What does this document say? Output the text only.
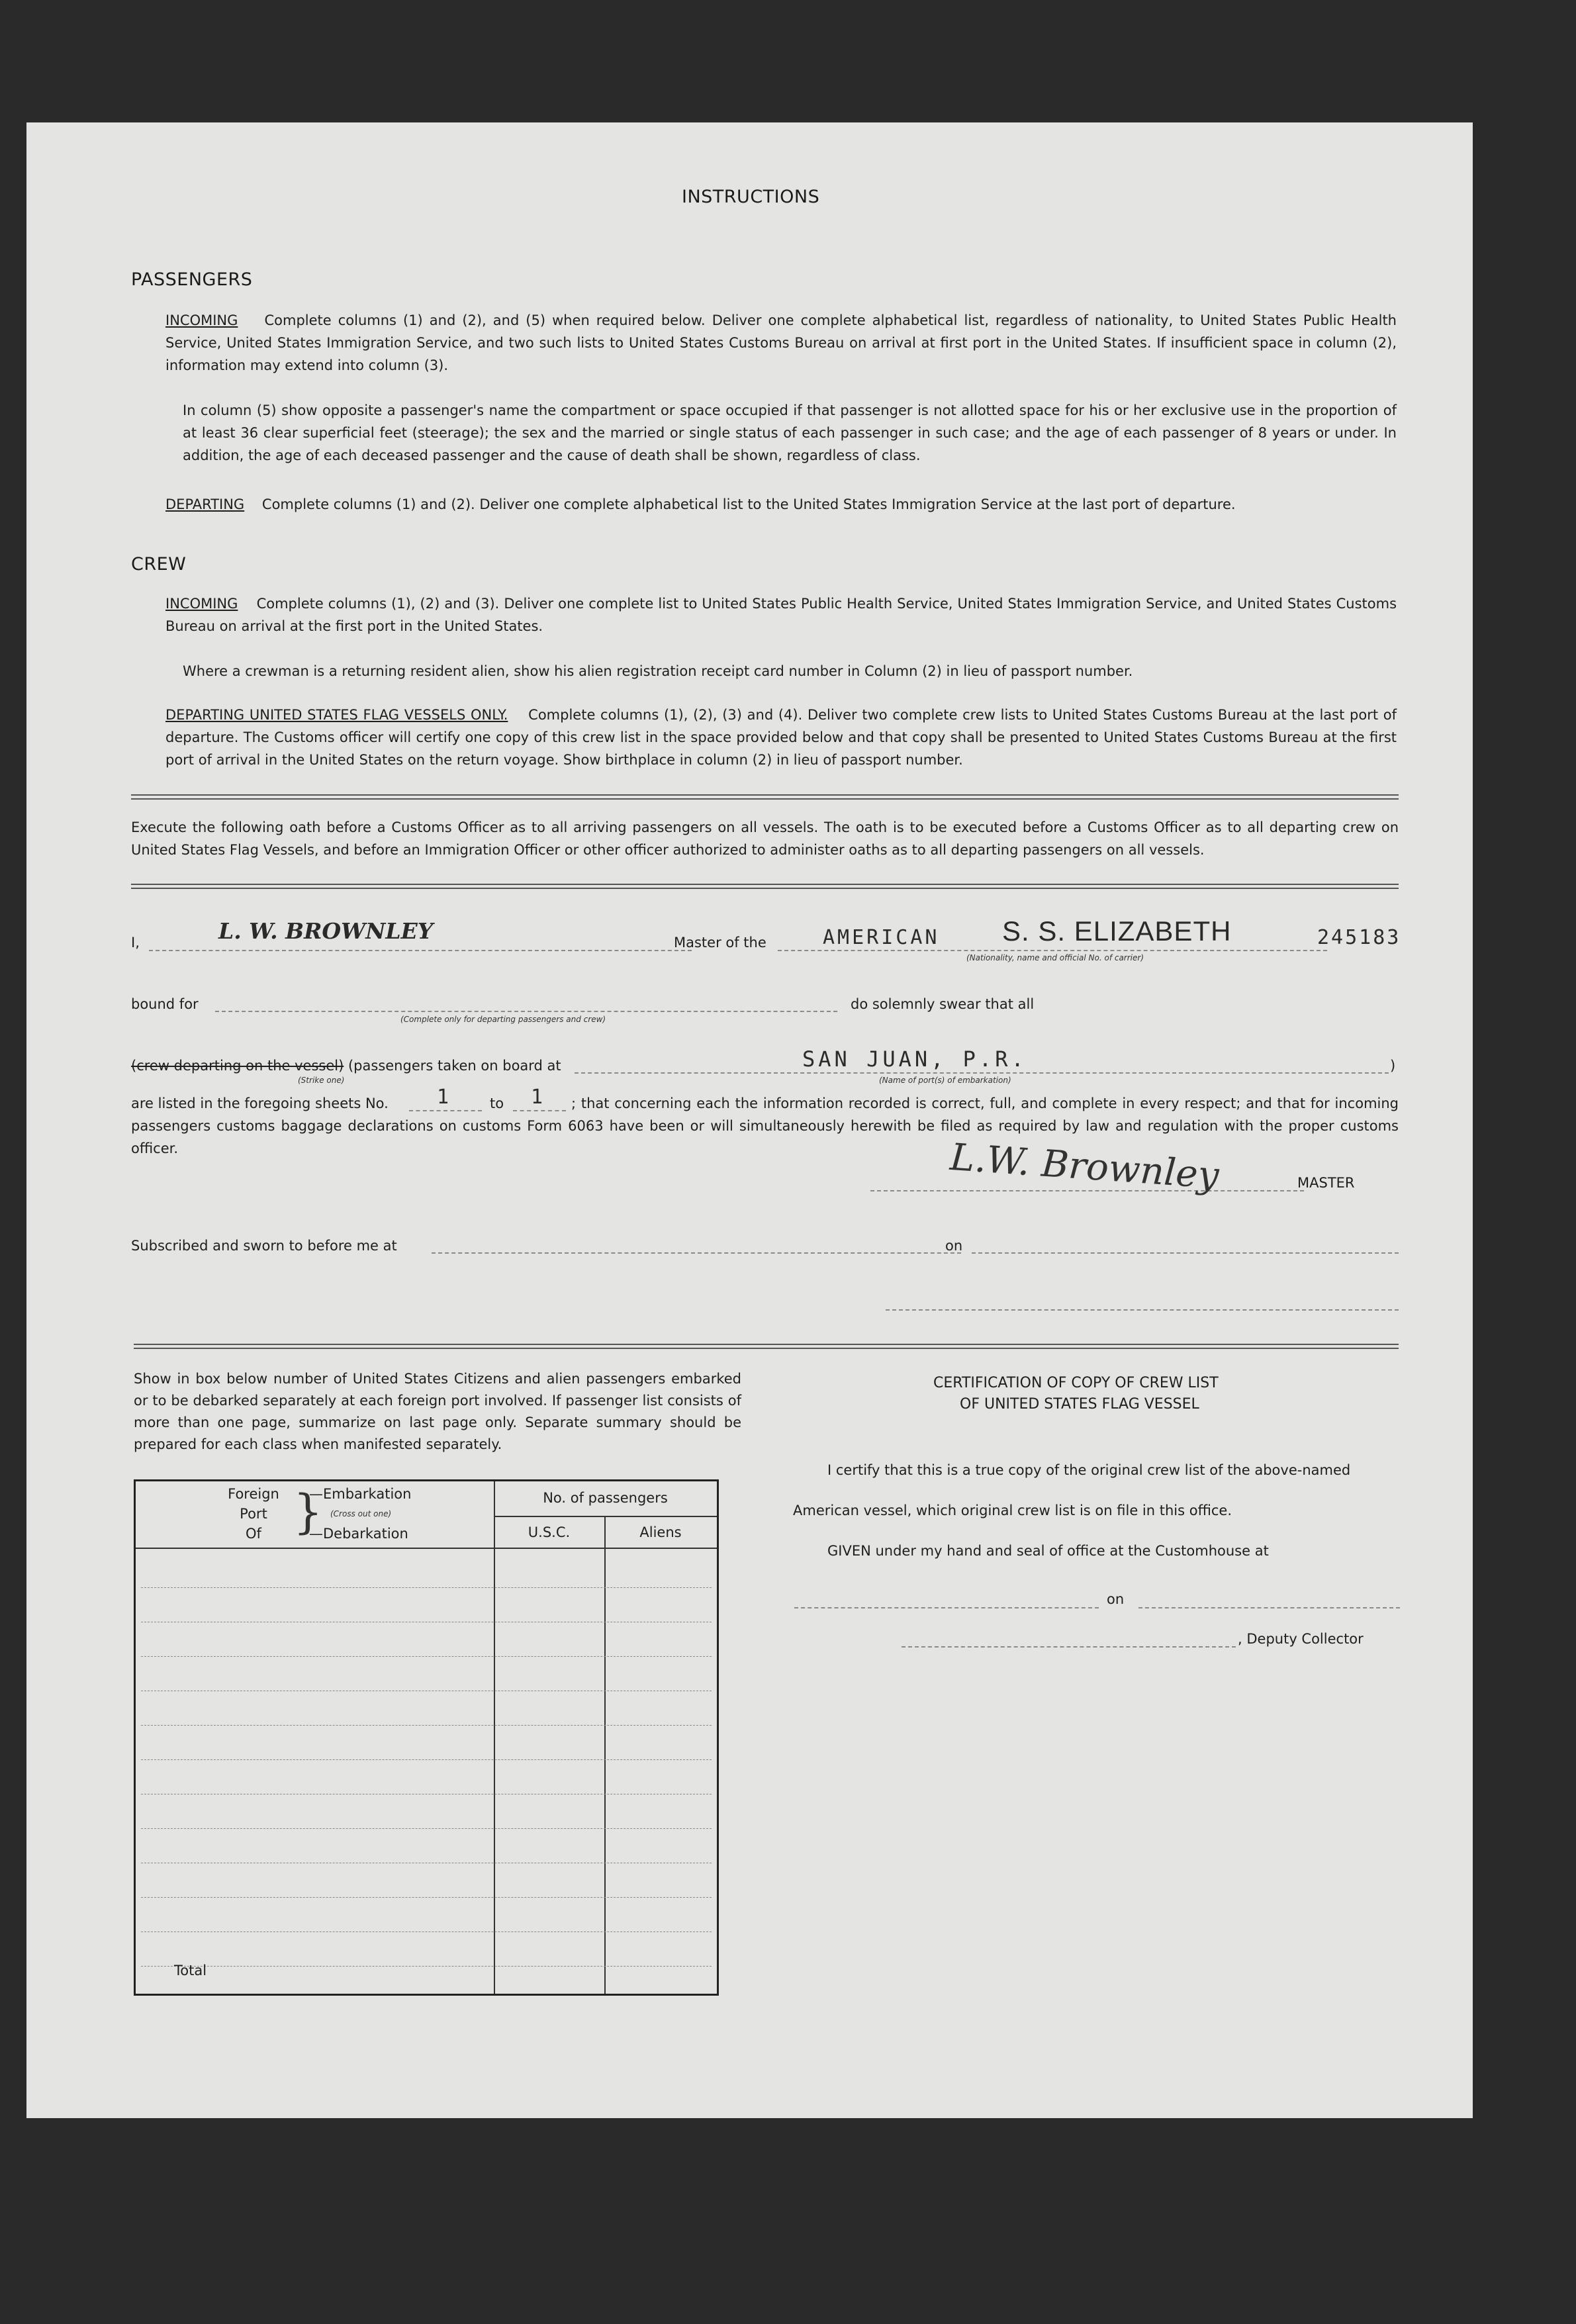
INSTRUCTIONS
PASSENGERS
INCOMING Complete columns (1) and (2), and (5) when required below. Deliver one complete alphabetical list, regardless of nationality, to United States Public Health Service, United States Immigration Service, and two such lists to United States Customs Bureau on arrival at first port in the United States. If insufficient space in column (2), information may extend into column (3).
In column (5) show opposite a passenger's name the compartment or space occupied if that passenger is not allotted space for his or her exclusive use in the proportion of at least 36 clear superficial feet (steerage); the sex and the married or single status of each passenger in such case; and the age of each passenger of 8 years or under. In addition, the age of each deceased passenger and the cause of death shall be shown, regardless of class.
DEPARTING Complete columns (1) and (2). Deliver one complete alphabetical list to the United States Immigration Service at the last port of departure.
CREW
INCOMING Complete columns (1), (2) and (3). Deliver one complete list to United States Public Health Service, United States Immigration Service, and United States Customs Bureau on arrival at the first port in the United States.
Where a crewman is a returning resident alien, show his alien registration receipt card number in Column (2) in lieu of passport number.
DEPARTING UNITED STATES FLAG VESSELS ONLY. Complete columns (1), (2), (3) and (4). Deliver two complete crew lists to United States Customs Bureau at the last port of departure. The Customs officer will certify one copy of this crew list in the space provided below and that copy shall be presented to United States Customs Bureau at the first port of arrival in the United States on the return voyage. Show birthplace in column (2) in lieu of passport number.
Execute the following oath before a Customs Officer as to all arriving passengers on all vessels. The oath is to be executed before a Customs Officer as to all departing crew on United States Flag Vessels, and before an Immigration Officer or other officer authorized to administer oaths as to all departing passengers on all vessels.
I,	L. W. BROWNLEY	Master of the	AMERICAN S. S. ELIZABETH	245183
(Nationality, name and official No. of carrier)
bound for
(Complete only for departing passengers and crew)
do solemnly swear that all
(crew departing on the vessel) (passengers taken on board at	SAN JUAN, P.R.	)
(Strike one)	(Name of port(s) of embarkation)
are listed in the foregoing sheets No. 1	to 1	; that concerning each the information recorded is correct, full, and complete in every respect; and that for incoming passengers customs baggage declarations on customs Form 6063 have been or will simultaneously herewith be filed as required by law and regulation with the proper customs officer.	L.W. Brownley	MASTER
Subscribed and sworn to before me at	on
Show in box below number of United States Citizens and alien passengers embarked or to be debarked separately at each foreign port involved. If passenger list consists of more than one page, summarize on last page only. Separate summary should be prepared for each class when manifested separately.
Foreign
Port
Of }
—Embarkation
(Cross out one)
—Debarkation
No. of passengers
U.S.C.	Aliens
Total
CERTIFICATION OF COPY OF CREW LIST
OF UNITED STATES FLAG VESSEL
I certify that this is a true copy of the original crew list of the above-named
American vessel, which original crew list is on file in this office.
GIVEN under my hand and seal of office at the Customhouse at
on
, Deputy Collector
